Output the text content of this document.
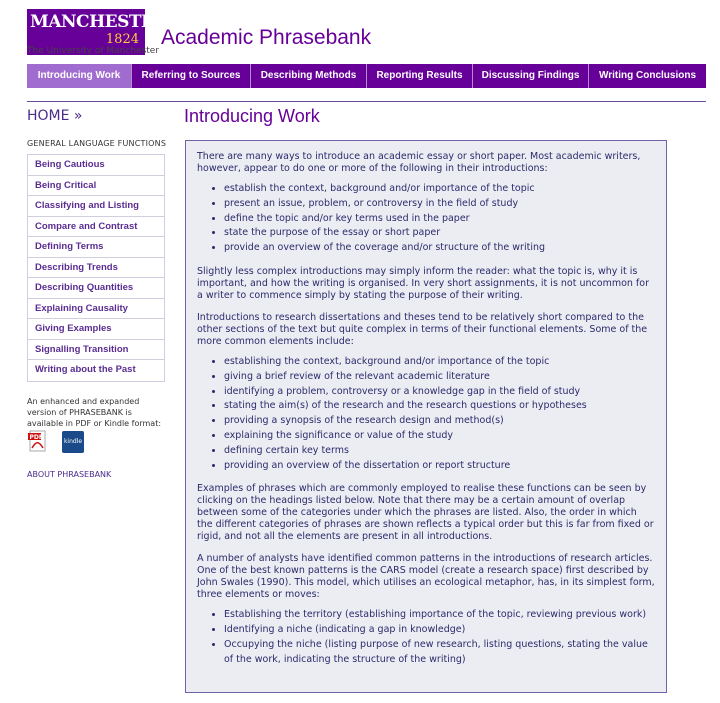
MANCHESTER
1824
The University of Manchester
Academic Phrasebank
Introducing Work	Referring to Sources	Describing Methods	Reporting Results	Discussing Findings	Writing Conclusions
HOME »	Introducing Work
GENERAL LANGUAGE FUNCTIONS
Being Cautious
Being Critical
Classifying and Listing
Compare and Contrast
Defining Terms
Describing Trends
Describing Quantities
Explaining Causality
Giving Examples
Signalling Transition
Writing about the Past
An enhanced and expanded version of PHRASEBANK is available in PDF or Kindle format:
PDF
kindle
ABOUT PHRASEBANK

There are many ways to introduce an academic essay or short paper. Most academic writers, however, appear to do one or more of the following in their introductions:

• establish the context, background and/or importance of the topic
• present an issue, problem, or controversy in the field of study
• define the topic and/or key terms used in the paper
• state the purpose of the essay or short paper
• provide an overview of the coverage and/or structure of the writing

Slightly less complex introductions may simply inform the reader: what the topic is, why it is important, and how the writing is organised. In very short assignments, it is not uncommon for a writer to commence simply by stating the purpose of their writing.

Introductions to research dissertations and theses tend to be relatively short compared to the other sections of the text but quite complex in terms of their functional elements. Some of the more common elements include:

• establishing the context, background and/or importance of the topic
• giving a brief review of the relevant academic literature
• identifying a problem, controversy or a knowledge gap in the field of study
• stating the aim(s) of the research and the research questions or hypotheses
• providing a synopsis of the research design and method(s)
• explaining the significance or value of the study
• defining certain key terms
• providing an overview of the dissertation or report structure

Examples of phrases which are commonly employed to realise these functions can be seen by clicking on the headings listed below. Note that there may be a certain amount of overlap between some of the categories under which the phrases are listed. Also, the order in which the different categories of phrases are shown reflects a typical order but this is far from fixed or rigid, and not all the elements are present in all introductions.

A number of analysts have identified common patterns in the introductions of research articles. One of the best known patterns is the CARS model (create a research space) first described by John Swales (1990). This model, which utilises an ecological metaphor, has, in its simplest form, three elements or moves:

• Establishing the territory (establishing importance of the topic, reviewing previous work)
• Identifying a niche (indicating a gap in knowledge)
• Occupying the niche (listing purpose of new research, listing questions, stating the value of the work, indicating the structure of the writing)
